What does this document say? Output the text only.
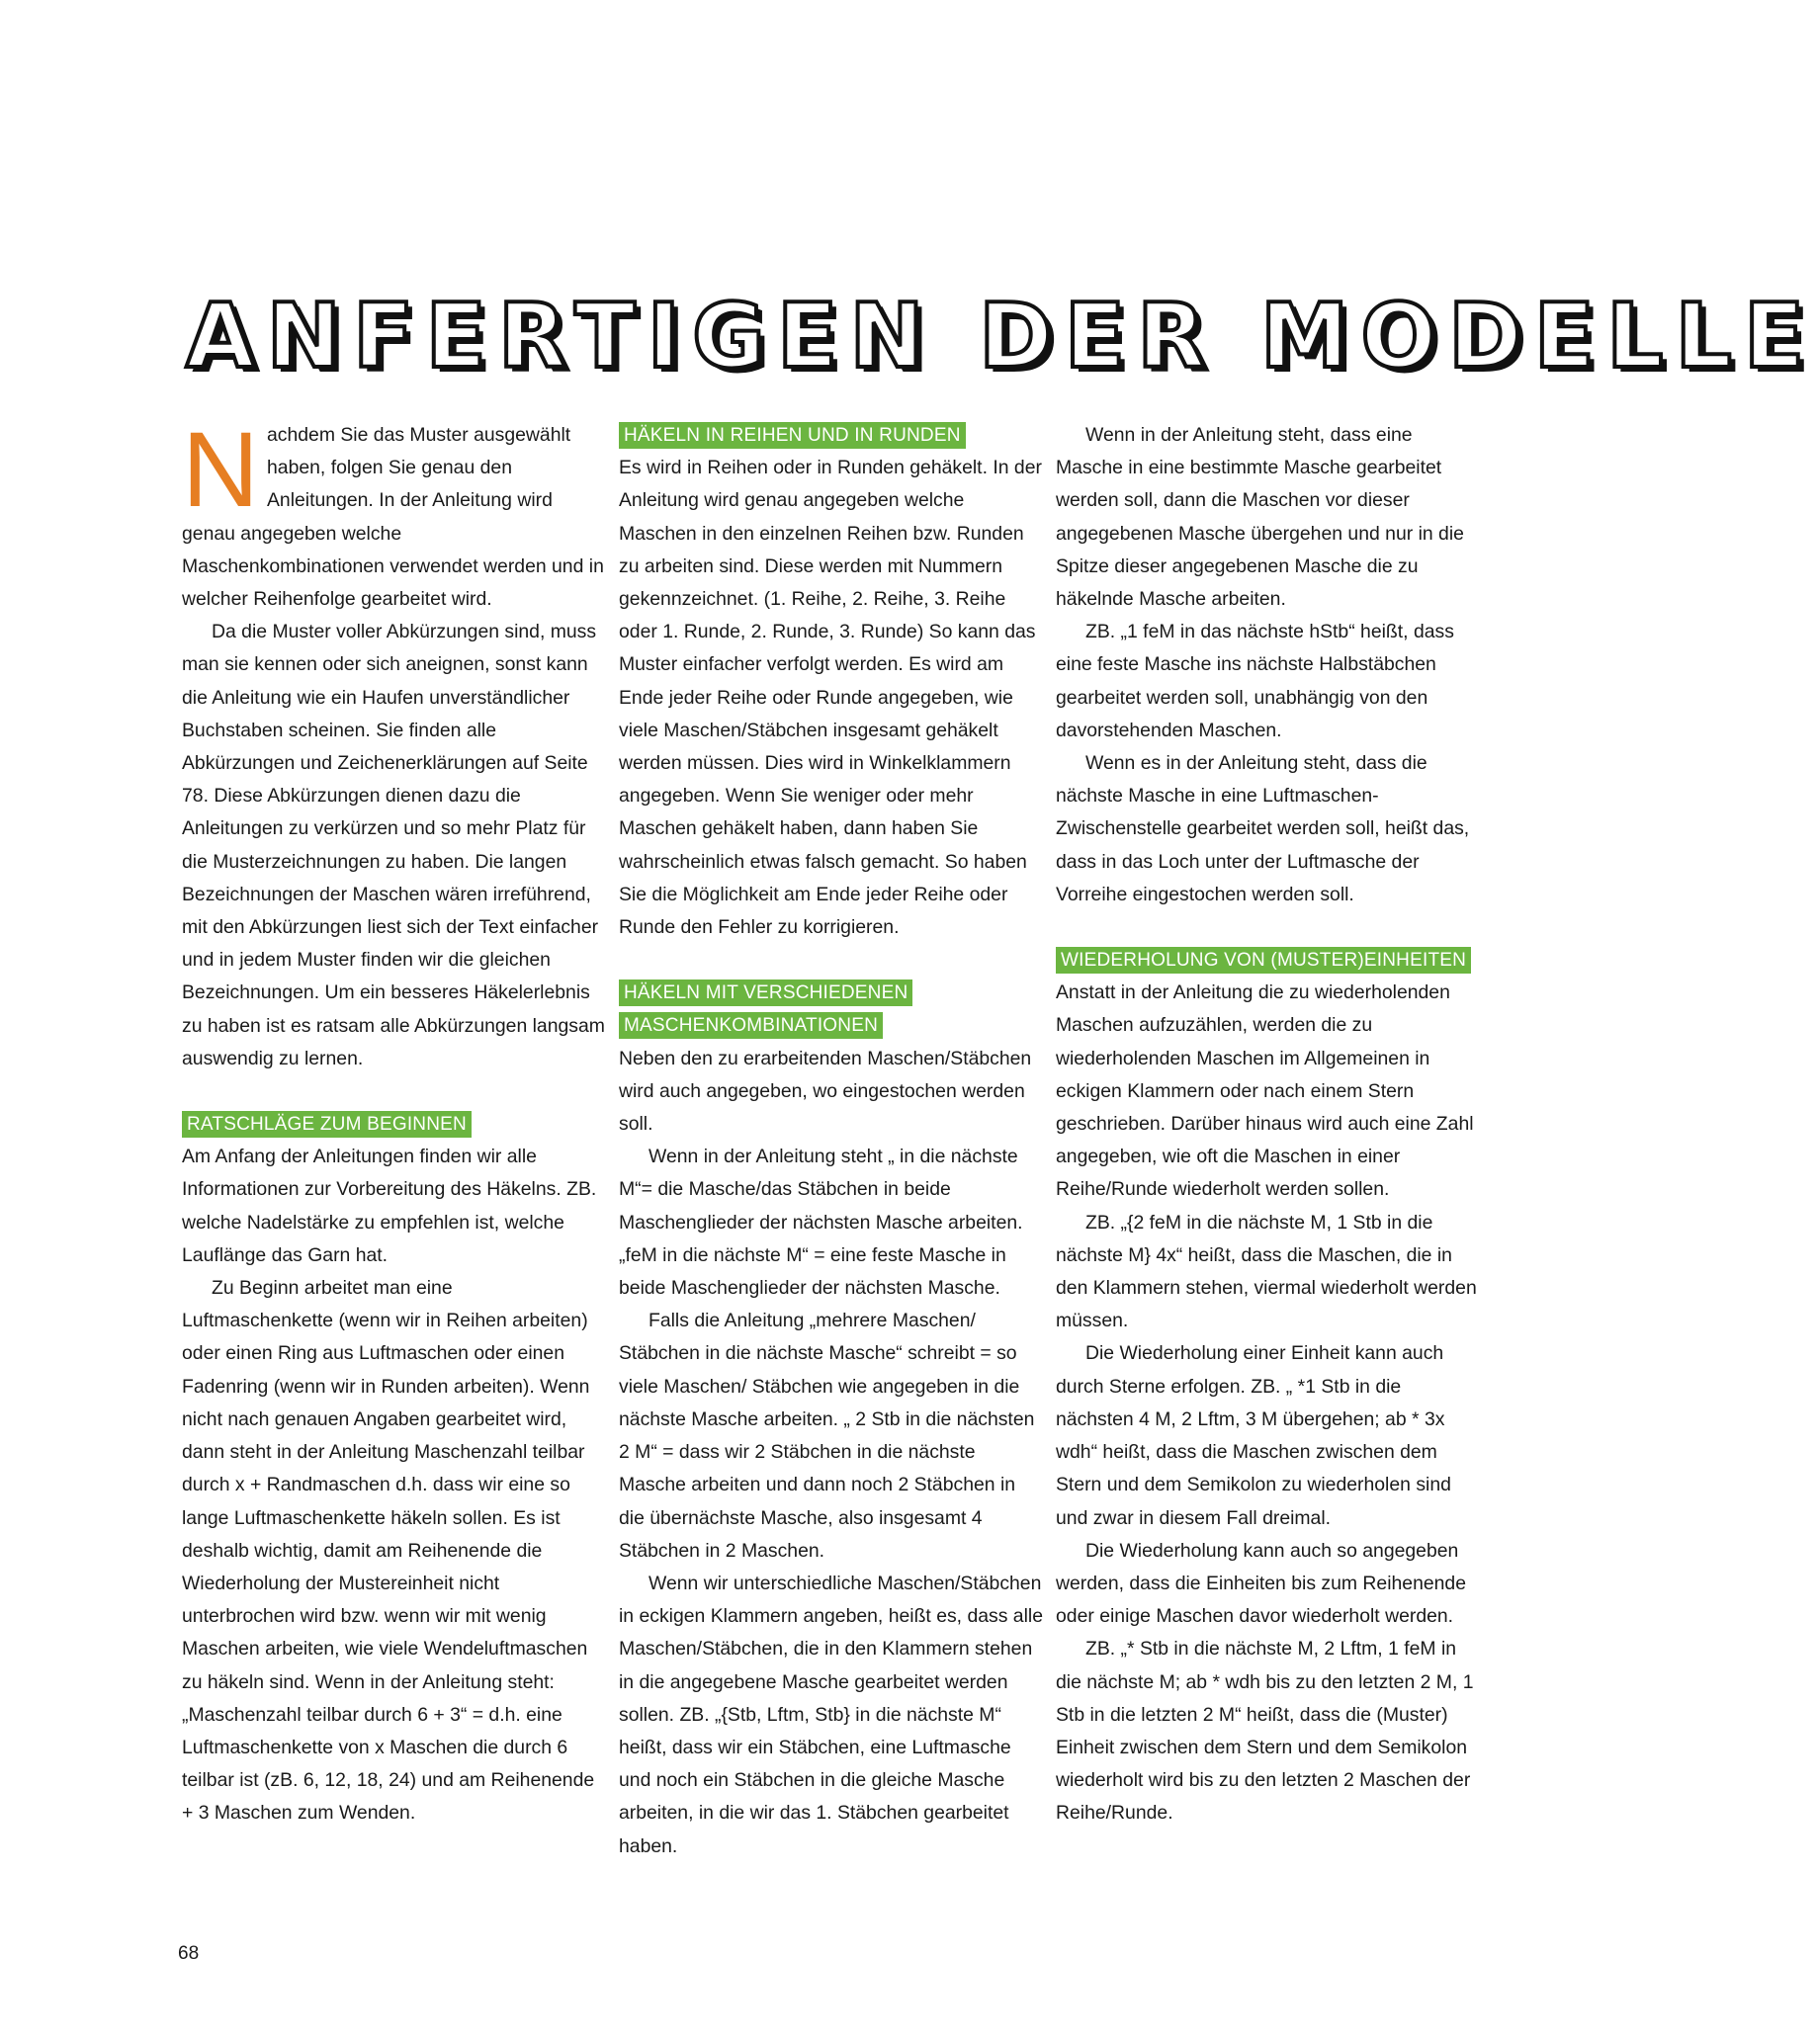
ANFERTIGEN DER MODELLE

Nachdem Sie das Muster ausgewählt haben, folgen Sie genau den Anleitungen. In der Anleitung wird genau angegeben welche Maschenkombinationen verwendet werden und in welcher Reihenfolge gearbeitet wird.

Da die Muster voller Abkürzungen sind, muss man sie kennen oder sich aneignen, sonst kann die Anleitung wie ein Haufen unverständlicher Buchstaben scheinen. Sie finden alle Abkürzungen und Zeichenerklärungen auf Seite 78. Diese Abkürzungen dienen dazu die Anleitungen zu verkürzen und so mehr Platz für die Musterzeichnungen zu haben. Die langen Bezeichnungen der Maschen wären irreführend, mit den Abkürzungen liest sich der Text einfacher und in jedem Muster finden wir die gleichen Bezeichnungen. Um ein besseres Häkelerlebnis zu haben ist es ratsam alle Abkürzungen langsam auswendig zu lernen.

RATSCHLÄGE ZUM BEGINNEN

Am Anfang der Anleitungen finden wir alle Informationen zur Vorbereitung des Häkelns. ZB. welche Nadelstärke zu empfehlen ist, welche Lauflänge das Garn hat.

Zu Beginn arbeitet man eine Luftmaschenkette (wenn wir in Reihen arbeiten) oder einen Ring aus Luftmaschen oder einen Fadenring (wenn wir in Runden arbeiten). Wenn nicht nach genauen Angaben gearbeitet wird, dann steht in der Anleitung Maschenzahl teilbar durch x + Randmaschen d.h. dass wir eine so lange Luftmaschenkette häkeln sollen. Es ist deshalb wichtig, damit am Reihenende die Wiederholung der Mustereinheit nicht unterbrochen wird bzw. wenn wir mit wenig Maschen arbeiten, wie viele Wendeluftmaschen zu häkeln sind. Wenn in der Anleitung steht: „Maschenzahl teilbar durch 6 + 3“ = d.h. eine Luftmaschenkette von x Maschen die durch 6 teilbar ist (zB. 6, 12, 18, 24) und am Reihenende + 3 Maschen zum Wenden.

HÄKELN IN REIHEN UND IN RUNDEN

Es wird in Reihen oder in Runden gehäkelt. In der Anleitung wird genau angegeben welche Maschen in den einzelnen Reihen bzw. Runden zu arbeiten sind. Diese werden mit Nummern gekennzeichnet. (1. Reihe, 2. Reihe, 3. Reihe oder 1. Runde, 2. Runde, 3. Runde) So kann das Muster einfacher verfolgt werden. Es wird am Ende jeder Reihe oder Runde angegeben, wie viele Maschen/Stäbchen insgesamt gehäkelt werden müssen. Dies wird in Winkelklammern angegeben. Wenn Sie weniger oder mehr Maschen gehäkelt haben, dann haben Sie wahrscheinlich etwas falsch gemacht. So haben Sie die Möglichkeit am Ende jeder Reihe oder Runde den Fehler zu korrigieren.

HÄKELN MIT VERSCHIEDENEN
MASCHENKOMBINATIONEN

Neben den zu erarbeitenden Maschen/Stäbchen wird auch angegeben, wo eingestochen werden soll.

Wenn in der Anleitung steht „ in die nächste M“= die Masche/das Stäbchen in beide Maschenglieder der nächsten Masche arbeiten. „feM in die nächste M“ = eine feste Masche in beide Maschenglieder der nächsten Masche.

Falls die Anleitung „mehrere Maschen/ Stäbchen in die nächste Masche“ schreibt = so viele Maschen/ Stäbchen wie angegeben in die nächste Masche arbeiten. „ 2 Stb in die nächsten 2 M“ = dass wir 2 Stäbchen in die nächste Masche arbeiten und dann noch 2 Stäbchen in die übernächste Masche, also insgesamt 4 Stäbchen in 2 Maschen.

Wenn wir unterschiedliche Maschen/Stäbchen in eckigen Klammern angeben, heißt es, dass alle Maschen/Stäbchen, die in den Klammern stehen in die angegebene Masche gearbeitet werden sollen. ZB. „{Stb, Lftm, Stb} in die nächste M“ heißt, dass wir ein Stäbchen, eine Luftmasche und noch ein Stäbchen in die gleiche Masche arbeiten, in die wir das 1. Stäbchen gearbeitet haben.

Wenn in der Anleitung steht, dass eine Masche in eine bestimmte Masche gearbeitet werden soll, dann die Maschen vor dieser angegebenen Masche übergehen und nur in die Spitze dieser angegebenen Masche die zu häkelnde Masche arbeiten.

ZB. „1 feM in das nächste hStb“ heißt, dass eine feste Masche ins nächste Halbstäbchen gearbeitet werden soll, unabhängig von den davorstehenden Maschen.

Wenn es in der Anleitung steht, dass die nächste Masche in eine Luftmaschen-Zwischenstelle gearbeitet werden soll, heißt das, dass in das Loch unter der Luftmasche der Vorreihe eingestochen werden soll.

WIEDERHOLUNG VON (MUSTER)EINHEITEN

Anstatt in der Anleitung die zu wiederholenden Maschen aufzuzählen, werden die zu wiederholenden Maschen im Allgemeinen in eckigen Klammern oder nach einem Stern geschrieben. Darüber hinaus wird auch eine Zahl angegeben, wie oft die Maschen in einer Reihe/Runde wiederholt werden sollen.

ZB. „{2 feM in die nächste M, 1 Stb in die nächste M} 4x“ heißt, dass die Maschen, die in den Klammern stehen, viermal wiederholt werden müssen.

Die Wiederholung einer Einheit kann auch durch Sterne erfolgen. ZB. „ *1 Stb in die nächsten 4 M, 2 Lftm, 3 M übergehen; ab * 3x wdh“ heißt, dass die Maschen zwischen dem Stern und dem Semikolon zu wiederholen sind und zwar in diesem Fall dreimal.

Die Wiederholung kann auch so angegeben werden, dass die Einheiten bis zum Reihenende oder einige Maschen davor wiederholt werden.

ZB. „* Stb in die nächste M, 2 Lftm, 1 feM in die nächste M; ab * wdh bis zu den letzten 2 M, 1 Stb in die letzten 2 M“ heißt, dass die (Muster) Einheit zwischen dem Stern und dem Semikolon wiederholt wird bis zu den letzten 2 Maschen der Reihe/Runde.

68
